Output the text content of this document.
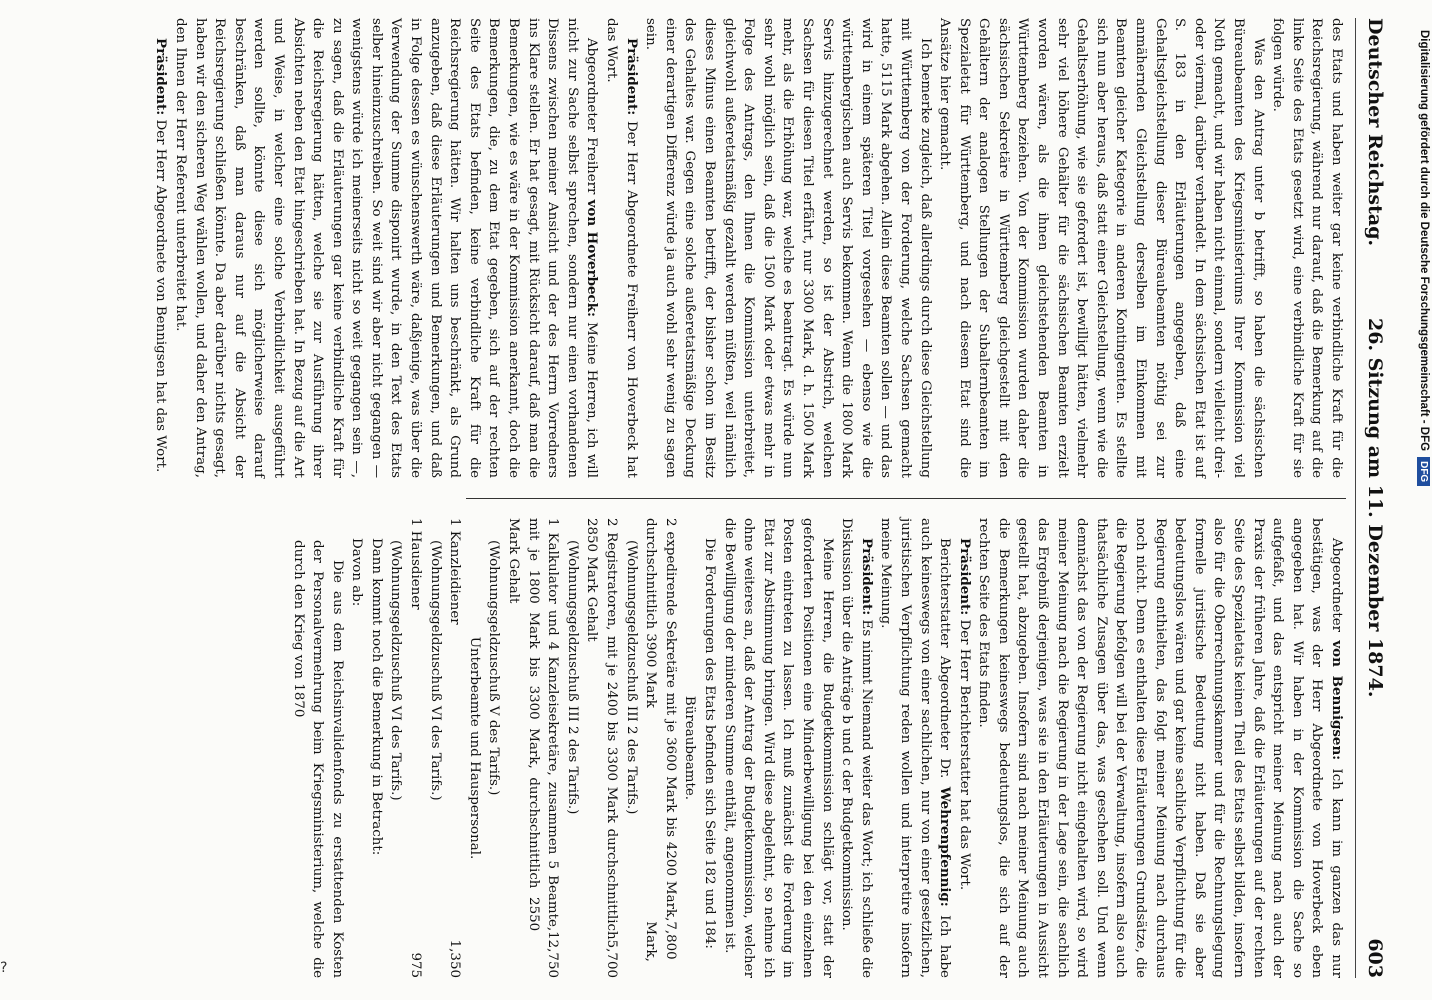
Deutscher Reichstag.
26. Sitzung am 11. Dezember 1874.
603

des Etats und haben weiter gar keine verbindliche Kraft für die Reichsregierung, während nur darauf, daß die Bemerkung auf die linke Seite des Etats gesetzt wird, eine verbindliche Kraft für sie folgen würde.

Was den Antrag unter b betrifft, so haben die sächsischen Büreaubeamten des Kriegsministeriums Ihrer Kommission viel Noth gemacht, und wir haben nicht einmal, sondern vielleicht drei- oder viermal, darüber verhandelt. In dem sächsischen Etat ist auf S. 183 in den Erläuterungen angegeben, daß eine Gehaltsgleichstellung dieser Büreaubeamten nöthig sei zur anmähernden Gleichstellung derselben im Einkommen mit Beamten gleicher Kategorie in anderen Kontingenten. Es stellte sich nun aber heraus, daß statt einer Gleichstellung, wenn wie die Gehaltserhöhung, wie sie gefordert ist, bewilligt hätten, vielmehr sehr viel höhere Gehälter für die sächsischen Beamten erzielt worden wären, als die ihnen gleichstehenden Beamten in Württemberg beziehen. Von der Kommission wurden daher die sächsischen Sekretäre in Württemberg gleichgestellt mit den Gehältern der analogen Stellungen der Subalternbeamten im Spezialetat für Württemberg, und nach diesem Etat sind die Ansätze hier gemacht.

Ich bemerke zugleich, daß allerdings durch diese Gleichstellung mit Württemberg von der Forderung, welche Sachsen gemacht hatte, 5115 Mark abgehen. Allein diese Beamten sollen — und das wird in einem späteren Titel vorgesehen — ebenso wie die württembergischen auch Servis bekommen. Wenn die 1800 Mark Servis hinzugerechnet werden, so ist der Abstrich, welchen Sachsen für diesen Titel erfährt, nur 3300 Mark, d. h. 1500 Mark mehr, als die Erhöhung war, welche es beantragt. Es würde nun sehr wohl möglich sein, daß die 1500 Mark oder etwas mehr in Folge des Antrags, den Ihnen die Kommission unterbreitet, gleichwohl außeretatsmäßig gezahlt werden müßten, weil nämlich dieses Minus einen Beamten betrifft, der bisher schon im Besitz des Gehaltes war. Gegen eine solche außeretatsmäßige Deckung einer derartigen Differenz würde ja auch wohl sehr wenig zu sagen sein.

Präsident: Der Herr Abgeordnete Freiherr von Hoverbeck hat das Wort.

Abgeordneter Freiherr von Hoverbeck: Meine Herren, ich will nicht zur Sache selbst sprechen, sondern nur einen vorhandenen Dissens zwischen meiner Ansicht und der des Herrn Vorredners ins Klare stellen. Er hat gesagt, mit Rücksicht darauf, daß man die Bemerkungen, wie es wäre in der Kommission anerkannt, doch die Bemerkungen, die, zu dem Etat gegeben, sich auf der rechten Seite des Etats befinden, keine verbindliche Kraft für die Reichsregierung hätten. Wir halten uns beschränkt, als Grund anzugeben, daß diese Erläuterungen und Bemerkungen, und daß in Folge dessen es wünschenswerth wäre, daßjenige, was über die Verwendung der Summe disponirt wurde, in den Text des Etats selber hineinzuschreiben. So weit sind wir aber nicht gegangen — wenigstens würde ich meinerseits nicht so weit gegangen sein —, zu sagen, daß die Erläuterungen gar keine verbindliche Kraft für die Reichsregierung hätten, welche sie zur Ausführung ihrer Absichten neben den Etat hingeschrieben hat. In Bezug auf die Art und Weise, in welcher eine solche Verbindlichkeit ausgeführt werden sollte, könnte diese sich möglicherweise darauf beschränken, daß man daraus nur auf die Absicht der Reichsregierung schließen könnte. Da aber darüber nichts gesagt, haben wir den sicheren Weg wählen wollen, und daher den Antrag, den Ihnen der Herr Referent unterbreitet hat.

Präsident: Der Herr Abgeordnete von Bennigsen hat das Wort.

Abgeordneter von Bennigsen: Ich kann im ganzen das nur bestätigen, was der Herr Abgeordnete von Hoverbeck eben angegeben hat. Wir haben in der Kommission die Sache so aufgefaßt, und das entspricht meiner Meinung nach auch der Praxis der früheren Jahre, daß die Erläuterungen auf der rechten Seite des Spezialetats keinen Theil des Etats selbst bilden, insofern also für die Oberrechnungskammer und für die Rechnungslegung formelle juristische Bedeutung nicht haben. Daß sie aber bedeutungslos wären und gar keine sachliche Verpflichtung für die Regierung enthielten, das folgt meiner Meinung nach durchaus noch nicht. Denn es enthalten diese Erläuterungen Grundsätze, die die Regierung befolgen will bei der Verwaltung, insofern also auch thatsächliche Zusagen über das, was geschehen soll. Und wenn demnächst das von der Regierung nicht eingehalten wird, so wird meiner Meinung nach die Regierung in der Lage sein, die sachlich das Ergebniß derjenigen, was sie in den Erläuterungen in Aussicht gestellt hat, abzugeben. Insofern sind nach meiner Meinung auch die Bemerkungen keineswegs bedeutungslos, die sich auf der rechten Seite des Etats finden.

Präsident: Der Herr Berichterstatter hat das Wort.

Berichterstatter Abgeordneter Dr. Wehrenpfennig: Ich habe auch keineswegs von einer sachlichen, nur von einer gesetzlichen, juristischen Verpflichtung reden wollen und interpretire insofern meine Meinung.

Präsident: Es nimmt Niemand weiter das Wort; ich schließe die Diskussion über die Anträge b und c der Budgetkommission.

Meine Herren, die Budgetkommission schlägt vor, statt der geforderten Positionen eine Minderbewilligung bei den einzelnen Posten eintreten zu lassen. Ich muß zunächst die Forderung im Etat zur Abstimmung bringen. Wird diese abgelehnt, so nehme ich ohne weiteres an, daß der Antrag der Budgetkommission, welcher die Bewilligung der minderen Summe enthält, angenommen ist.

Die Forderungen des Etats befinden sich Seite 182 und 184:

Büreaubeamte.
2 expedirende Sekretäre mit je 3600 Mark bis 4200 Mark, durchschnittlich 3900 Mark
7,800 Mark,
(Wohnungsgeldzuschuß III 2 des Tarifs.)
2 Registratoren, mit je 2400 bis 3300 Mark durchschnittlich 2850 Mark Gehalt
5,700
(Wohnungsgeldzuschuß III 2 des Tarifs.)
1 Kalkulator und 4 Kanzleisekretäre, zusammen 5 Beamte, mit je 1800 Mark bis 3300 Mark, durchschnittlich 2550 Mark Gehalt
12,750
(Wohnungsgeldzuschuß V des Tarifs.)
Unterbeamte und Hauspersonal.
1 Kanzleidiener
1,350
(Wohnungsgeldzuschuß VI des Tarifs.)
1 Hausdiener
975
(Wohnungsgeldzuschuß VI des Tarifs.)

Dann kommt noch die Bemerkung in Betracht:

Davon ab:

Die aus dem Reichsinvalidenfonds zu erstattenden Kosten der Personalvermehrung beim Kriegsministerium, welche die durch den Krieg von 1870

Digitalisierung gefördert durch die Deutsche Forschungsgemeinschaft - DFGDFG
?
